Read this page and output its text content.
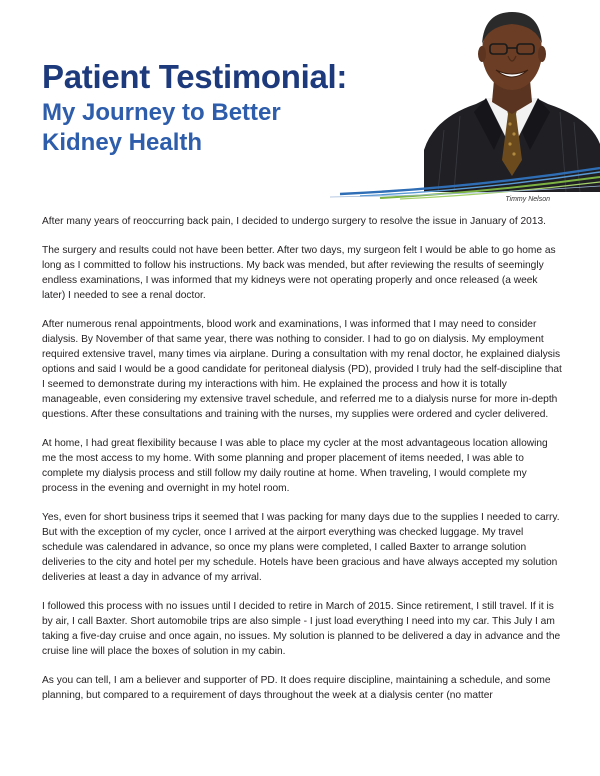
Patient Testimonial:
My Journey to Better
Kidney Health

Timmy Nelson

After many years of reoccurring back pain, I decided to undergo surgery to resolve the issue in January of 2013.

The surgery and results could not have been better. After two days, my surgeon felt I would be able to go home as long as I committed to follow his instructions. My back was mended, but after reviewing the results of seemingly endless examinations, I was informed that my kidneys were not operating properly and once released (a week later) I needed to see a renal doctor.

After numerous renal appointments, blood work and examinations, I was informed that I may need to consider dialysis. By November of that same year, there was nothing to consider. I had to go on dialysis. My employment required extensive travel, many times via airplane. During a consultation with my renal doctor, he explained dialysis options and said I would be a good candidate for peritoneal dialysis (PD), provided I truly had the self-discipline that I seemed to demonstrate during my interactions with him. He explained the process and how it is totally manageable, even considering my extensive travel schedule, and referred me to a dialysis nurse for more in-depth questions. After these consultations and training with the nurses, my supplies were ordered and cycler delivered.

At home, I had great flexibility because I was able to place my cycler at the most advantageous location allowing me the most access to my home. With some planning and proper placement of items needed, I was able to complete my dialysis process and still follow my daily routine at home. When traveling, I would complete my process in the evening and overnight in my hotel room.

Yes, even for short business trips it seemed that I was packing for many days due to the supplies I needed to carry. But with the exception of my cycler, once I arrived at the airport everything was checked luggage. My travel schedule was calendared in advance, so once my plans were completed, I called Baxter to arrange solution deliveries to the city and hotel per my schedule. Hotels have been gracious and have always accepted my solution deliveries at least a day in advance of my arrival.

I followed this process with no issues until I decided to retire in March of 2015. Since retirement, I still travel. If it is by air, I call Baxter. Short automobile trips are also simple - I just load everything I need into my car. This July I am taking a five-day cruise and once again, no issues. My solution is planned to be delivered a day in advance and the cruise line will place the boxes of solution in my cabin.

As you can tell, I am a believer and supporter of PD. It does require discipline, maintaining a schedule, and some planning, but compared to a requirement of days throughout the week at a dialysis center (no matter
